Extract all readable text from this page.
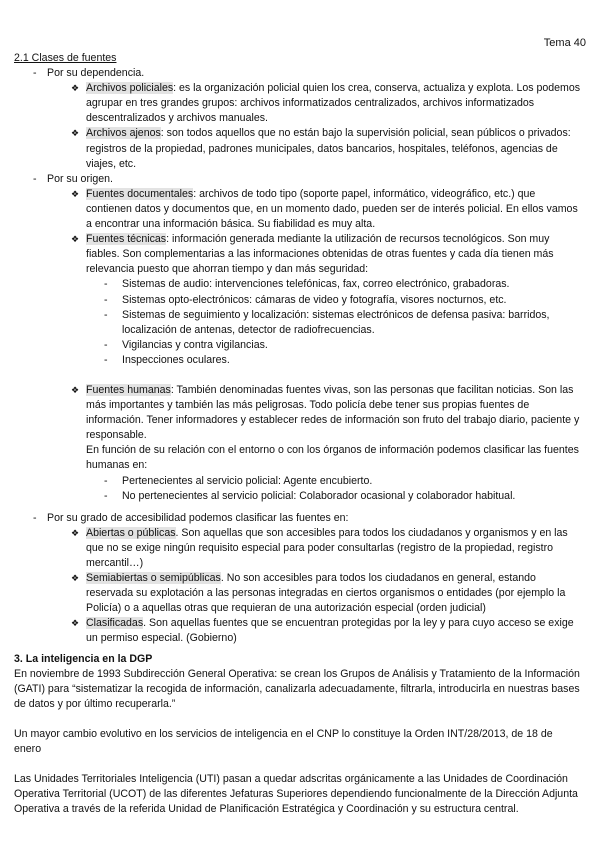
Tema 40
2.1 Clases de fuentes
- Por su dependencia.
❖ Archivos policiales: es la organización policial quien los crea, conserva, actualiza y explota. Los podemos agrupar en tres grandes grupos: archivos informatizados centralizados, archivos informatizados descentralizados y archivos manuales.
❖ Archivos ajenos: son todos aquellos que no están bajo la supervisión policial, sean públicos o privados: registros de la propiedad, padrones municipales, datos bancarios, hospitales, teléfonos, agencias de viajes, etc.
- Por su origen.
❖ Fuentes documentales: archivos de todo tipo (soporte papel, informático, videográfico, etc.) que contienen datos y documentos que, en un momento dado, pueden ser de interés policial. En ellos vamos a encontrar una información básica. Su fiabilidad es muy alta.
❖ Fuentes técnicas: información generada mediante la utilización de recursos tecnológicos. Son muy fiables. Son complementarias a las informaciones obtenidas de otras fuentes y cada día tienen más relevancia puesto que ahorran tiempo y dan más seguridad:
- Sistemas de audio: intervenciones telefónicas, fax, correo electrónico, grabadoras.
- Sistemas opto-electrónicos: cámaras de video y fotografía, visores nocturnos, etc.
- Sistemas de seguimiento y localización: sistemas electrónicos de defensa pasiva: barridos, localización de antenas, detector de radiofrecuencias.
- Vigilancias y contra vigilancias.
- Inspecciones oculares.
❖ Fuentes humanas: También denominadas fuentes vivas, son las personas que facilitan noticias. Son las más importantes y también las más peligrosas. Todo policía debe tener sus propias fuentes de información. Tener informadores y establecer redes de información son fruto del trabajo diario, paciente y responsable.

En función de su relación con el entorno o con los órganos de información podemos clasificar las fuentes humanas en:

- Pertenecientes al servicio policial: Agente encubierto.
- No pertenecientes al servicio policial: Colaborador ocasional y colaborador habitual.
- Por su grado de accesibilidad podemos clasificar las fuentes en:
❖ Abiertas o públicas. Son aquellas que son accesibles para todos los ciudadanos y organismos y en las que no se exige ningún requisito especial para poder consultarlas (registro de la propiedad, registro mercantil…)
❖ Semiabiertas o semipúblicas. No son accesibles para todos los ciudadanos en general, estando reservada su explotación a las personas integradas en ciertos organismos o entidades (por ejemplo la Policía) o a aquellas otras que requieran de una autorización especial (orden judicial)
❖ Clasificadas. Son aquellas fuentes que se encuentran protegidas por la ley y para cuyo acceso se exige un permiso especial. (Gobierno)
3. La inteligencia en la DGP

En noviembre de 1993 Subdirección General Operativa: se crean los Grupos de Análisis y Tratamiento de la Información (GATI) para “sistematizar la recogida de información, canalizarla adecuadamente, filtrarla, introducirla en nuestras bases de datos y por último recuperarla.”

Un mayor cambio evolutivo en los servicios de inteligencia en el CNP lo constituye la Orden INT/28/2013, de 18 de enero

Las Unidades Territoriales Inteligencia (UTI) pasan a quedar adscritas orgánicamente a las Unidades de Coordinación Operativa Territorial (UCOT) de las diferentes Jefaturas Superiores dependiendo funcionalmente de la Dirección Adjunta Operativa a través de la referida Unidad de Planificación Estratégica y Coordinación y su estructura central.
